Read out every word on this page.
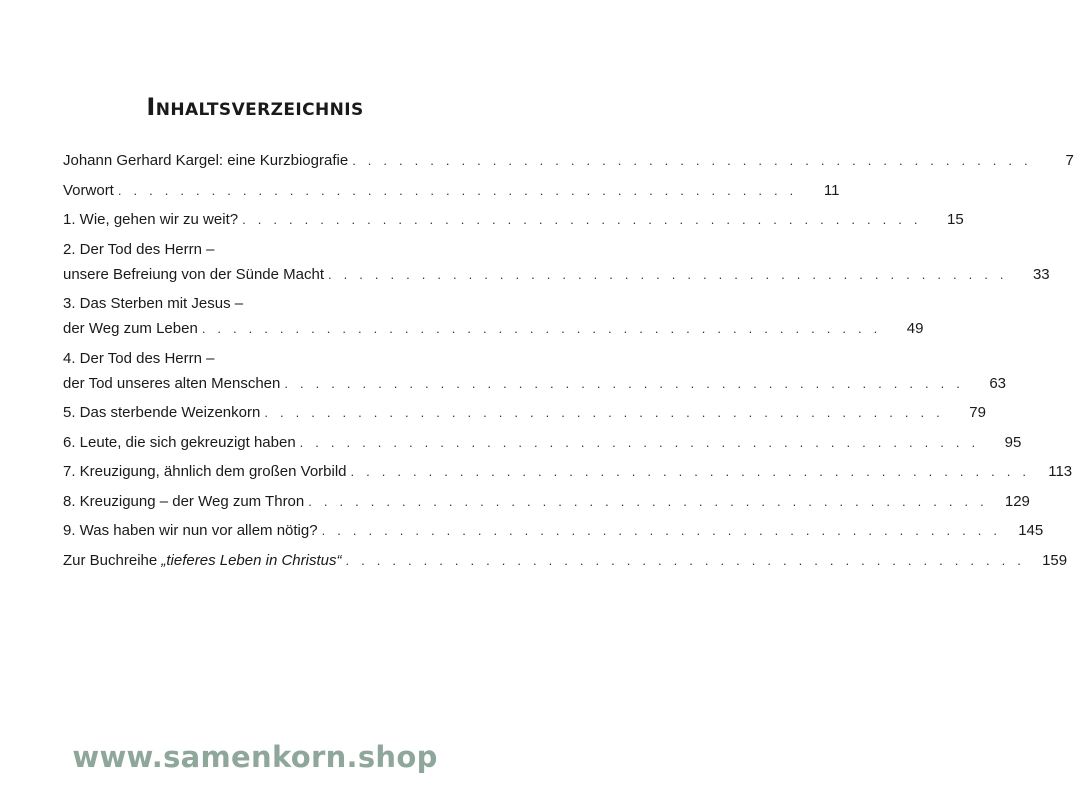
Inhaltsverzeichnis
Johann Gerhard Kargel: eine Kurzbiografie . . . . . . . . . . . . . . . . . . . . . . . . . . . . . . . . . . . . . . . . . . . .	7
Vorwort . . . . . . . . . . . . . . . . . . . . . . . . . . . . . . . . . . . . . . . . . . . .	11
1. Wie, gehen wir zu weit? . . . . . . . . . . . . . . . . . . . . . . . . . . . . . . . . . . . . . . . . . . . .	15
2. Der Tod des Herrn –
unsere Befreiung von der Sünde Macht . . . . . . . . . . . . . . . . . . . . . . . . . . . . . . . . . . . . . . . . . . . .	33
3. Das Sterben mit Jesus –
der Weg zum Leben . . . . . . . . . . . . . . . . . . . . . . . . . . . . . . . . . . . . . . . . . . . .	49
4. Der Tod des Herrn –
der Tod unseres alten Menschen . . . . . . . . . . . . . . . . . . . . . . . . . . . . . . . . . . . . . . . . . . . .	63
5. Das sterbende Weizenkorn . . . . . . . . . . . . . . . . . . . . . . . . . . . . . . . . . . . . . . . . . . . .	79
6. Leute, die sich gekreuzigt haben . . . . . . . . . . . . . . . . . . . . . . . . . . . . . . . . . . . . . . . . . . . .	95
7. Kreuzigung, ähnlich dem großen Vorbild . . . . . . . . . . . . . . . . . . . . . . . . . . . . . . . . . . . . . . . . . . . .	113
8. Kreuzigung – der Weg zum Thron . . . . . . . . . . . . . . . . . . . . . . . . . . . . . . . . . . . . . . . . . . . .	129
9. Was haben wir nun vor allem nötig? . . . . . . . . . . . . . . . . . . . . . . . . . . . . . . . . . . . . . . . . . . . .	145
Zur Buchreihe „tieferes Leben in Christus“ . . . . . . . . . . . . . . . . . . . . . . . . . . . . . . . . . . . . . . . . . . . .	159
www.samenkorn.shop
